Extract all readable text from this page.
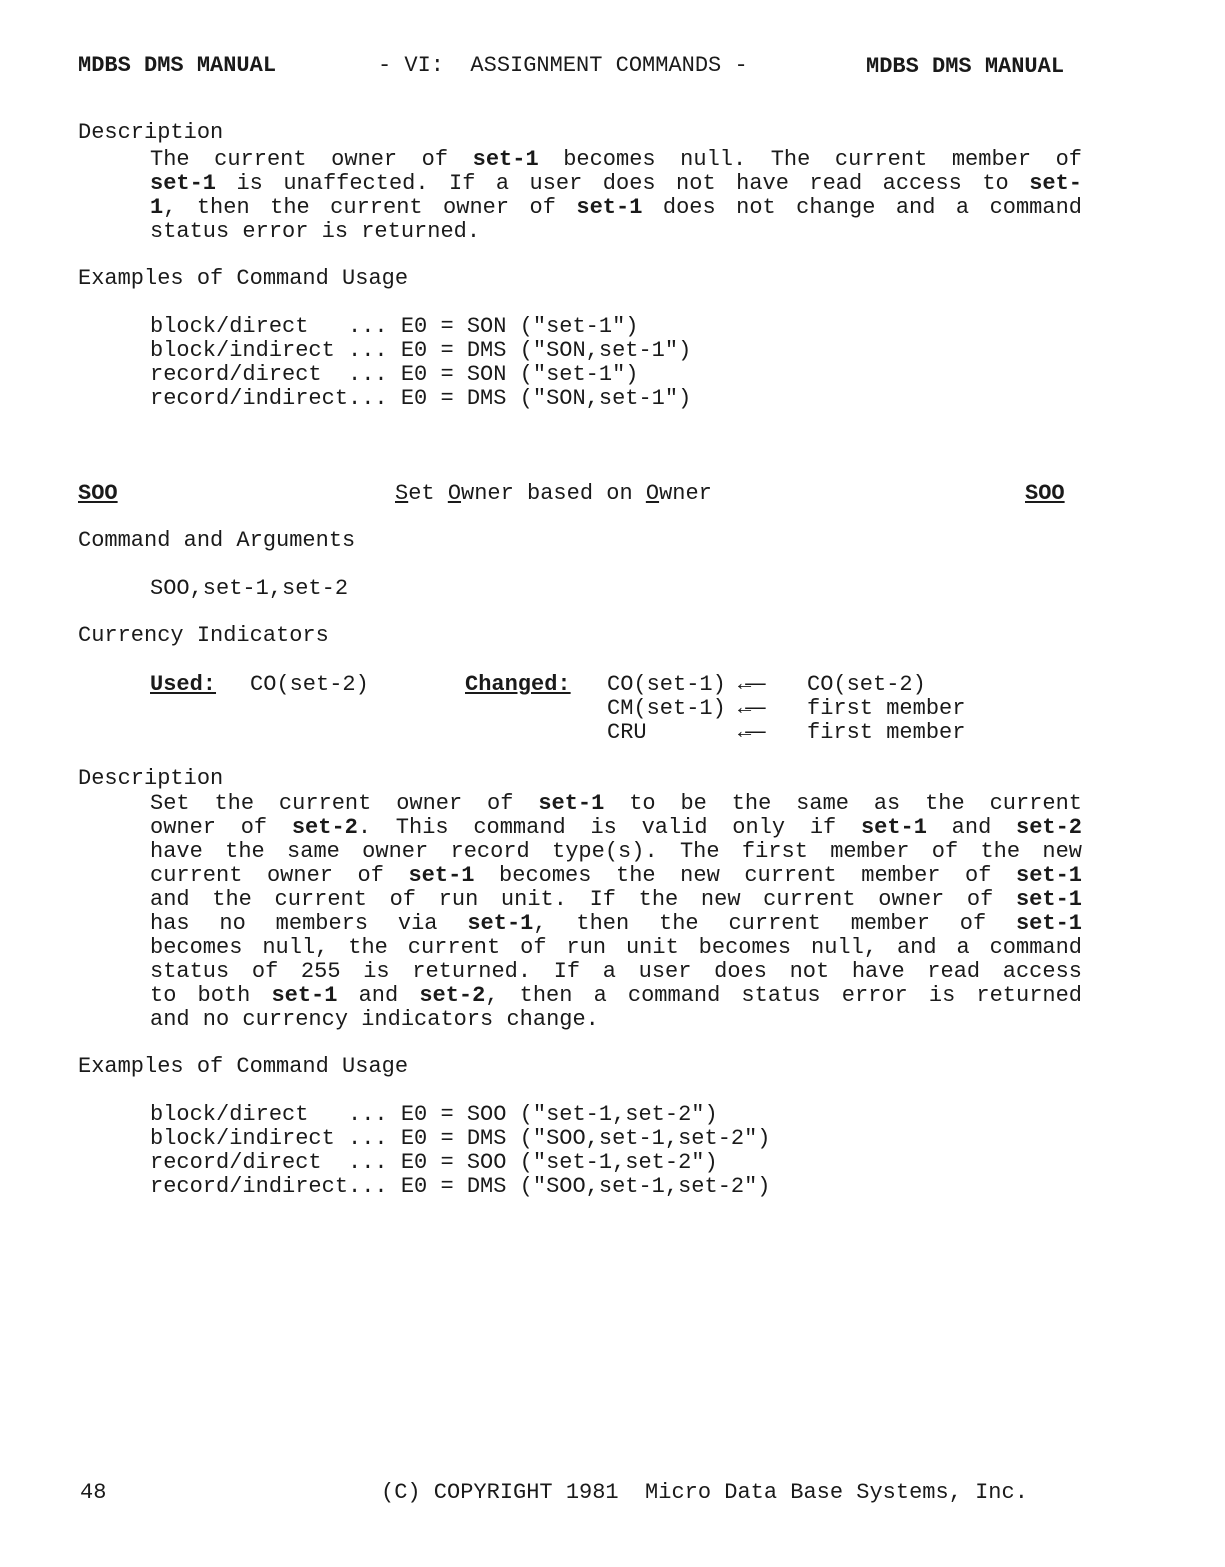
MDBS DMS MANUAL	- VI:  ASSIGNMENT COMMANDS -	MDBS DMS MANUAL
Description
The current owner of set-1 becomes null. The current member of
set-1 is unaffected. If a user does not have read access to set-
1, then the current owner of set-1 does not change and a command
status error is returned.
Examples of Command Usage
block/direct   ... E0 = SON ("set-1")
block/indirect ... E0 = DMS ("SON,set-1")
record/direct  ... E0 = SON ("set-1")
record/indirect... E0 = DMS ("SON,set-1")
SOO	Set Owner based on Owner	SOO
Command and Arguments
SOO,set-1,set-2
Currency Indicators
Used: CO(set-2)	Changed: CO(set-1) ←—— CO(set-2)
CM(set-1) ←—— first member
CRU	←—— first member
Description
Set the current owner of set-1 to be the same as the current
owner of set-2. This command is valid only if set-1 and set-2
have the same owner record type(s). The first member of the new
current owner of set-1 becomes the new current member of set-1
and the current of run unit. If the new current owner of set-1
has no members via set-1, then the current member of set-1
becomes null, the current of run unit becomes null, and a command
status of 255 is returned. If a user does not have read access
to both set-1 and set-2, then a command status error is returned
and no currency indicators change.
Examples of Command Usage
block/direct   ... E0 = SOO ("set-1,set-2")
block/indirect ... E0 = DMS ("SOO,set-1,set-2")
record/direct  ... E0 = SOO ("set-1,set-2")
record/indirect... E0 = DMS ("SOO,set-1,set-2")
48	(C) COPYRIGHT 1981  Micro Data Base Systems, Inc.
